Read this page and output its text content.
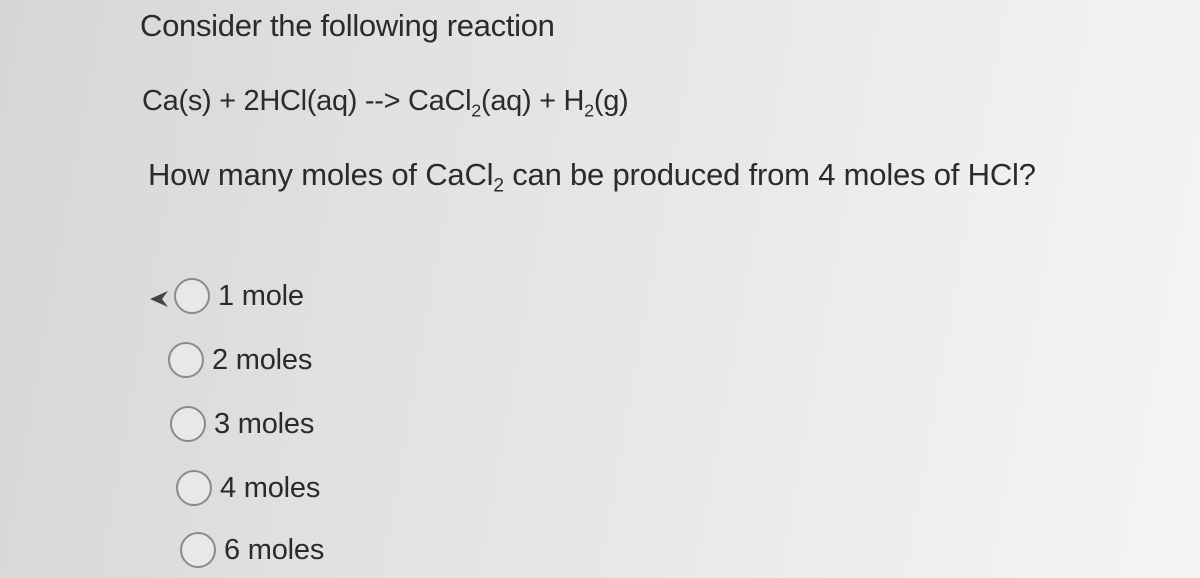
Consider the following reaction
Ca(s) + 2HCl(aq) --> CaCl$_2$(aq) + $H_2(g)$
How many moles of CaCl$_2$ can be produced from 4 moles of HCl?
1 mole
2 moles
3 moles
4 moles
6 moles
